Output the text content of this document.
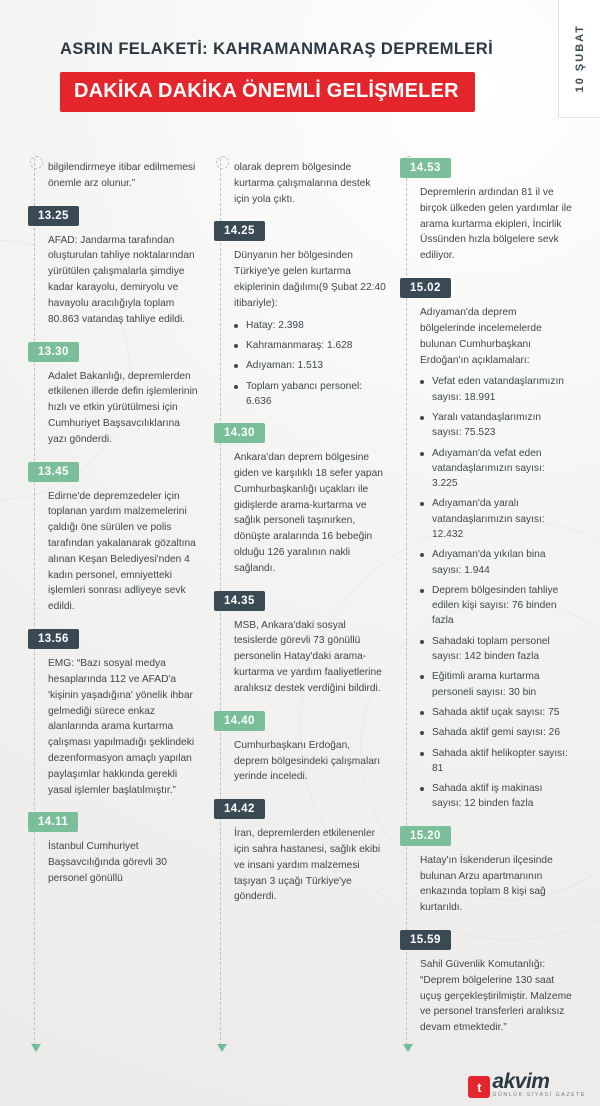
ASRIN FELAKETİ: KAHRAMANMARAŞ DEPREMLERİ
DAKİKA DAKİKA ÖNEMLİ GELİŞMELER	10 ŞUBAT
bilgilendirmeye itibar edilmemesi önemle arz olunur.”
13.25
AFAD: Jandarma tarafından oluşturulan tahliye noktalarından yürütülen çalışmalarla şimdiye kadar karayolu, demiryolu ve havayolu aracılığıyla toplam 80.863 vatandaş tahliye edildi.
13.30
Adalet Bakanlığı, depremlerden etkilenen illerde defin işlemlerinin hızlı ve etkin yürütülmesi için Cumhuriyet Başsavcılıklarına yazı gönderdi.
13.45
Edirne'de depremzedeler için toplanan yardım malzemelerini çaldığı öne sürülen ve polis tarafından yakalanarak gözaltına alınan Keşan Belediyesi'nden 4 kadın personel, emniyetteki işlemleri sonrası adliyeye sevk edildi.
13.56
EMG: “Bazı sosyal medya hesaplarında 112 ve AFAD'a 'kişinin yaşadığına' yönelik ihbar gelmediği sürece enkaz alanlarında arama kurtarma çalışması yapılmadığı şeklindeki dezenformasyon amaçlı yapılan paylaşımlar hakkında gerekli yasal işlemler başlatılmıştır.”
14.11
İstanbul Cumhuriyet Başsavcılığında görevli 30 personel gönüllü
olarak deprem bölgesinde kurtarma çalışmalarına destek için yola çıktı.
14.25
Dünyanın her bölgesinden Türkiye'ye gelen kurtarma ekiplerinin dağılımı(9 Şubat 22:40 itibariyle):
Hatay: 2.398
Kahramanmaraş: 1.628
Adıyaman: 1.513
Toplam yabancı personel: 6.636
14.30
Ankara'dan deprem bölgesine giden ve karşılıklı 18 sefer yapan Cumhurbaşkanlığı uçakları ile gidişlerde arama-kurtarma ve sağlık personeli taşınırken, dönüşte aralarında 16 bebeğin olduğu 126 yaralının nakli sağlandı.
14.35
MSB, Ankara'daki sosyal tesislerde görevli 73 gönüllü personelin Hatay'daki arama-kurtarma ve yardım faaliyetlerine aralıksız destek verdiğini bildirdi.
14.40
Cumhurbaşkanı Erdoğan, deprem bölgesindeki çalışmaları yerinde inceledi.
14.42
İran, depremlerden etkilenenler için sahra hastanesi, sağlık ekibi ve insani yardım malzemesi taşıyan 3 uçağı Türkiye'ye gönderdi.
14.53
Depremlerin ardından 81 il ve birçok ülkeden gelen yardımlar ile arama kurtarma ekipleri, İncirlik Üssünden hızla bölgelere sevk ediliyor.
15.02
Adıyaman'da deprem bölgelerinde incelemelerde bulunan Cumhurbaşkanı Erdoğan'ın açıklamaları:
Vefat eden vatandaşlarımızın sayısı: 18.991
Yaralı vatandaşlarımızın sayısı: 75.523
Adıyaman'da vefat eden vatandaşlarımızın sayısı: 3.225
Adıyaman'da yaralı vatandaşlarımızın sayısı: 12.432
Adıyaman'da yıkılan bina sayısı: 1.944
Deprem bölgesinden tahliye edilen kişi sayısı: 76 binden fazla
Sahadaki toplam personel sayısı: 142 binden fazla
Eğitimli arama kurtarma personeli sayısı: 30 bin
Sahada aktif uçak sayısı: 75
Sahada aktif gemi sayısı: 26
Sahada aktif helikopter sayısı: 81
Sahada aktif iş makinası sayısı: 12 binden fazla
15.20
Hatay'ın İskenderun ilçesinde bulunan Arzu apartmanının enkazında toplam 8 kişi sağ kurtarıldı.
15.59
Sahil Güvenlik Komutanlığı: “Deprem bölgelerine 130 saat uçuş gerçekleştirilmiştir. Malzeme ve personel transferleri aralıksız devam etmektedir.”
t akvim
GÜNLÜK SİYASİ GAZETE
